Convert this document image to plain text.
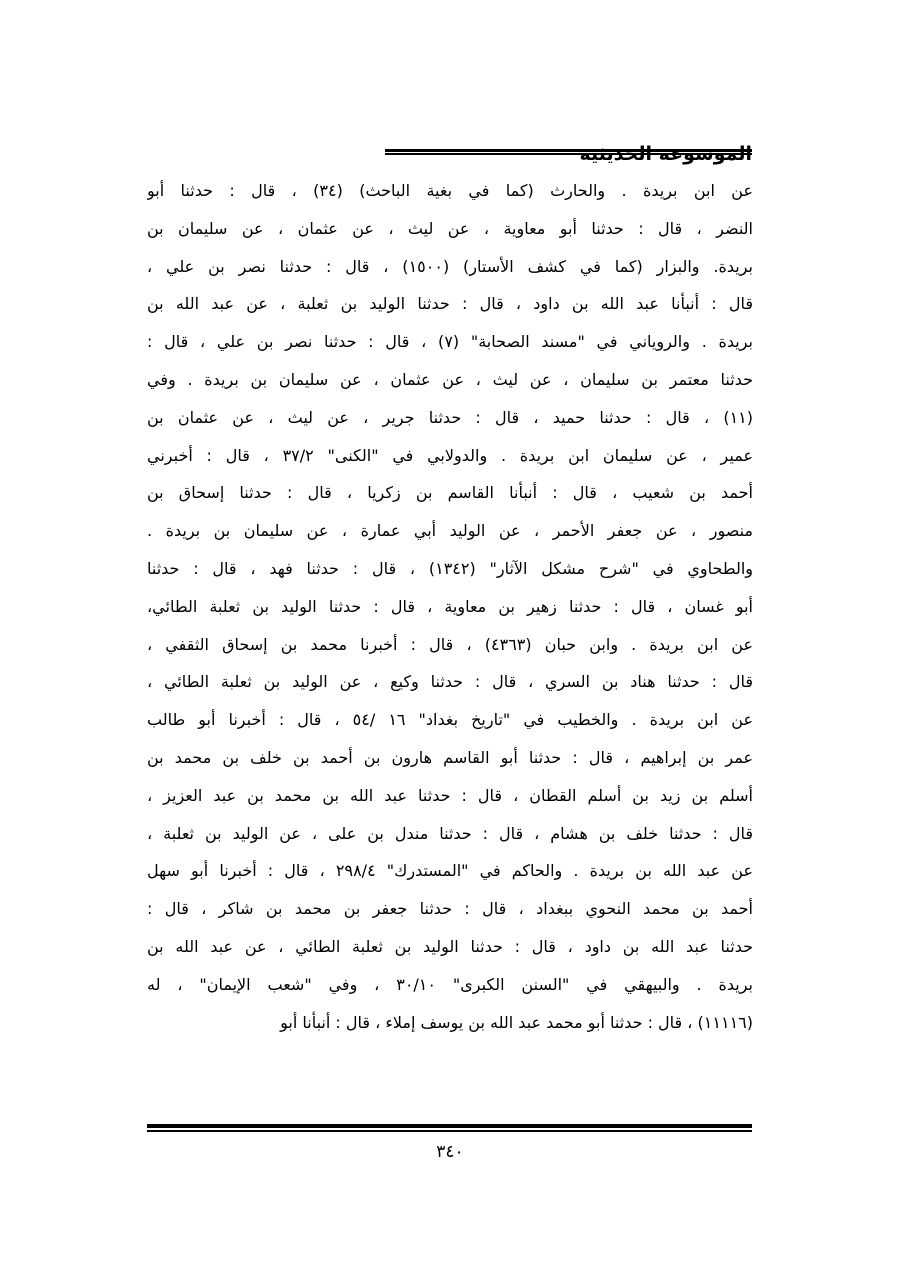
الموسوعة الحديثية
عن ابن بريدة . والحارث (كما في بغية الباحث) (٣٤) ، قال : حدثنا أبو
النضر ، قال : حدثنا أبو معاوية ، عن ليث ، عن عثمان ، عن سليمان بن
بريدة. والبزار (كما في كشف الأستار) (١٥٠٠) ، قال : حدثنا نصر بن علي ،
قال : أنبأنا عبد الله بن داود ، قال : حدثنا الوليد بن ثعلبة ، عن عبد الله بن
بريدة . والروياني في "مسند الصحابة" (٧) ، قال : حدثنا نصر بن علي ، قال :
حدثنا معتمر بن سليمان ، عن ليث ، عن عثمان ، عن سليمان بن بريدة . وفي
(١١) ، قال : حدثنا حميد ، قال : حدثنا جرير ، عن ليث ، عن عثمان بن
عمير ، عن سليمان ابن بريدة . والدولابي في "الكنى" ٣٧/٢ ، قال : أخبرني
أحمد بن شعيب ، قال : أنبأنا القاسم بن زكريا ، قال : حدثنا إسحاق بن
منصور ، عن جعفر الأحمر ، عن الوليد أبي عمارة ، عن سليمان بن بريدة .
والطحاوي في "شرح مشكل الآثار" (١٣٤٢) ، قال : حدثنا فهد ، قال : حدثنا
أبو غسان ، قال : حدثنا زهير بن معاوية ، قال : حدثنا الوليد بن ثعلبة الطائي،
عن ابن بريدة . وابن حبان (٤٣٦٣) ، قال : أخبرنا محمد بن إسحاق الثقفي ،
قال : حدثنا هناد بن السري ، قال : حدثنا وكيع ، عن الوليد بن ثعلبة الطائي ،
عن ابن بريدة . والخطيب في "تاريخ بغداد" ١٦ /٥٤ ، قال : أخبرنا أبو طالب
عمر بن إبراهيم ، قال : حدثنا أبو القاسم هارون بن أحمد بن خلف بن محمد بن
أسلم بن زيد بن أسلم القطان ، قال : حدثنا عبد الله بن محمد بن عبد العزيز ،
قال : حدثنا خلف بن هشام ، قال : حدثنا مندل بن على ، عن الوليد بن ثعلبة ،
عن عبد الله بن بريدة . والحاكم في "المستدرك" ٢٩٨/٤ ، قال : أخبرنا أبو سهل
أحمد بن محمد النحوي ببغداد ، قال : حدثنا جعفر بن محمد بن شاكر ، قال :
حدثنا عبد الله بن داود ، قال : حدثنا الوليد بن ثعلبة الطائي ، عن عبد الله بن
بريدة . والبيهقي في "السنن الكبرى" ٣٠/١٠ ، وفي "شعب الإيمان" ، له
(١١١١٦) ، قال : حدثنا أبو محمد عبد الله بن يوسف إملاء ، قال : أنبأنا أبو
٣٤٠
